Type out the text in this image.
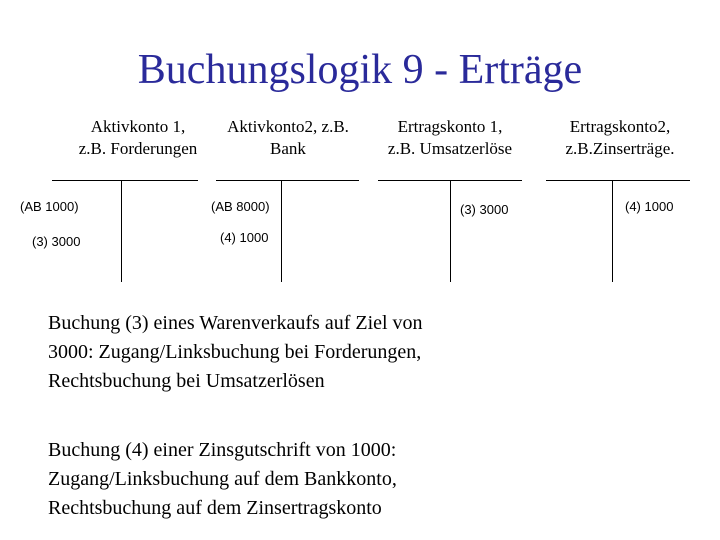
Buchungslogik 9 - Erträge
Aktivkonto 1,
z.B. Forderungen
(AB 1000)
(3) 3000
Aktivkonto2, z.B.
Bank
(AB 8000)
(4) 1000
Ertragskonto 1,
z.B. Umsatzerlöse
(3) 3000
Ertragskonto2,
z.B.Zinserträge.
(4) 1000
Buchung (3) eines Warenverkaufs auf Ziel von 3000: Zugang/Linksbuchung bei Forderungen, Rechtsbuchung bei Umsatzerlösen
Buchung (4) einer Zinsgutschrift von 1000: Zugang/Linksbuchung auf dem Bankkonto, Rechtsbuchung auf dem Zinsertragskonto
